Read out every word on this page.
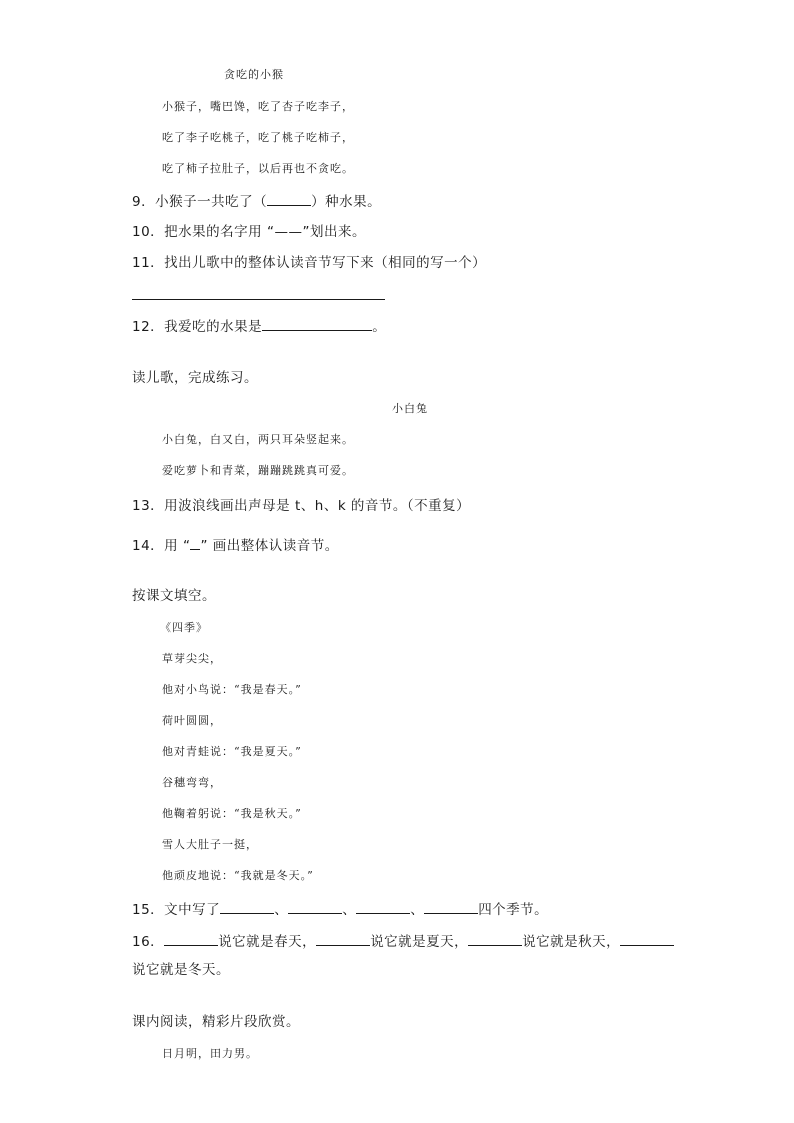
贪吃的小猴
小猴子，嘴巴馋，吃了杏子吃李子，
吃了李子吃桃子，吃了桃子吃柿子，
吃了柿子拉肚子，以后再也不贪吃。
9．小猴子一共吃了（	）种水果。
10．把水果的名字用 “——”划出来。
11．找出儿歌中的整体认读音节写下来（相同的写一个）
12．我爱吃的水果是	。
读儿歌，完成练习。
小白兔
小白兔，白又白，两只耳朵竖起来。
爱吃萝卜和青菜，蹦蹦跳跳真可爱。
13．用波浪线画出声母是 t、h、k 的音节。（不重复）
14．用 “ ” 画出整体认读音节。
按课文填空。
《四季》
草芽尖尖，
他对小鸟说：“我是春天。”
荷叶圆圆，
他对青蛙说：“我是夏天。”
谷穗弯弯，
他鞠着躬说：“我是秋天。”
雪人大肚子一挺，
他顽皮地说：“我就是冬天。”
15．文中写了	、	、	、	四个季节。
16．	说它就是春天，	说它就是夏天，	说它就是秋天，
说它就是冬天。
课内阅读，精彩片段欣赏。
日月明，田力男。
